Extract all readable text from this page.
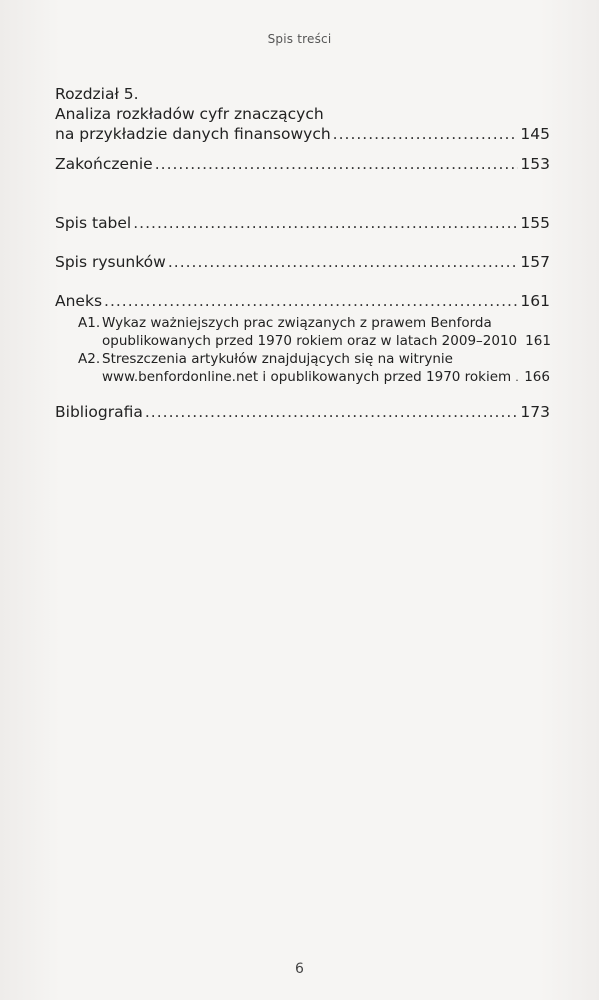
Spis treści
Rozdział 5.
Analiza rozkładów cyfr znaczących
na przykładzie danych finansowych .....	145
Zakończenie .....	153
Spis tabel .....	155
Spis rysunków .....	157
Aneks .....	161
A1. Wykaz ważniejszych prac związanych z prawem Benforda
opublikowanych przed 1970 rokiem oraz w latach 2009–2010 161
A2. Streszczenia artykułów znajdujących się na witrynie
www.benfordonline.net i opublikowanych przed 1970 rokiem ..... 166
Bibliografia .....	173
6
